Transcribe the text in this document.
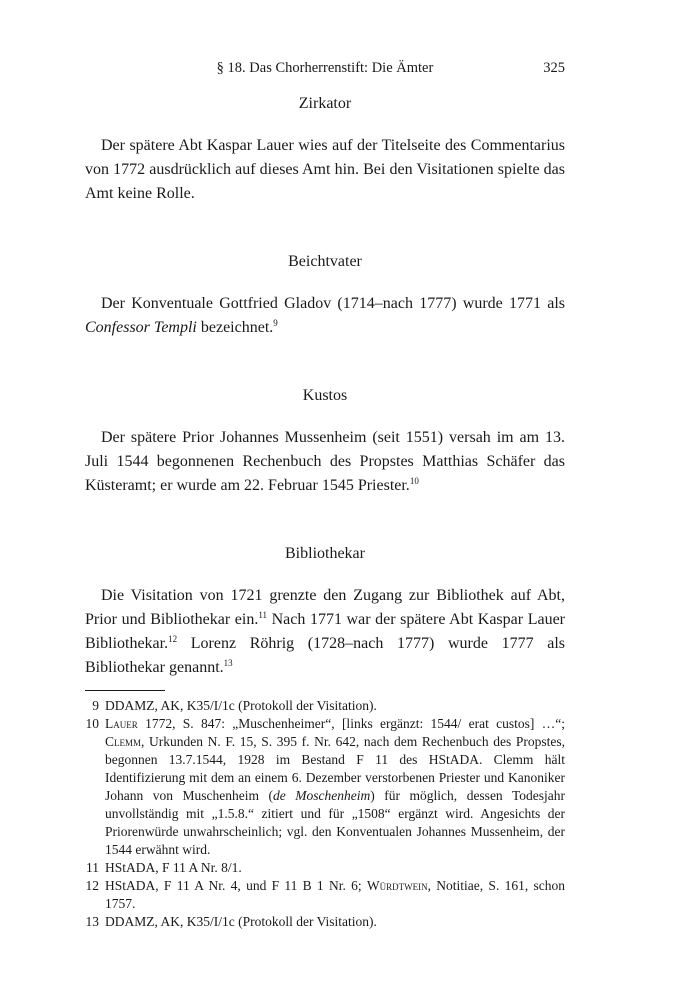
§ 18. Das Chorherrenstift: Die Ämter	325
Zirkator

Der spätere Abt Kaspar Lauer wies auf der Titelseite des Commentarius von 1772 ausdrücklich auf dieses Amt hin. Bei den Visitationen spielte das Amt keine Rolle.

Beichtvater

Der Konventuale Gottfried Gladov (1714–nach 1777) wurde 1771 als Confessor Templi bezeichnet.$^9$

Kustos

Der spätere Prior Johannes Mussenheim (seit 1551) versah im am 13. Juli 1544 begonnenen Rechenbuch des Propstes Matthias Schäfer das Küsteramt; er wurde am 22. Februar 1545 Priester.$^{10}$

Bibliothekar

Die Visitation von 1721 grenzte den Zugang zur Bibliothek auf Abt, Prior und Bibliothekar ein.$^{11}$ Nach 1771 war der spätere Abt Kaspar Lauer Bibliothekar.$^{12}$ Lorenz Röhrig (1728–nach 1777) wurde 1777 als Bibliothekar genannt.$^{13}$

9 DDAMZ, AK, K35/I/1c (Protokoll der Visitation).
10 Lauer 1772, S. 847: „Muschenheimer“, [links ergänzt: 1544/ erat custos] …“; Clemm, Urkunden N. F. 15, S. 395 f. Nr. 642, nach dem Rechenbuch des Propstes, begonnen 13.7.1544, 1928 im Bestand F 11 des HStADA. Clemm hält Identifizierung mit dem an einem 6. Dezember verstorbenen Priester und Kanoniker Johann von Muschenheim (de Moschenheim) für möglich, dessen Todesjahr unvollständig mit „1.5.8.“ zitiert und für „1508“ ergänzt wird. Angesichts der Priorenwürde unwahrscheinlich; vgl. den Konventualen Johannes Mussenheim, der 1544 erwähnt wird.
11 HStADA, F 11 A Nr. 8/1.
12 HStADA, F 11 A Nr. 4, und F 11 B 1 Nr. 6; Würdtwein, Notitiae, S. 161, schon 1757.
13 DDAMZ, AK, K35/I/1c (Protokoll der Visitation).
